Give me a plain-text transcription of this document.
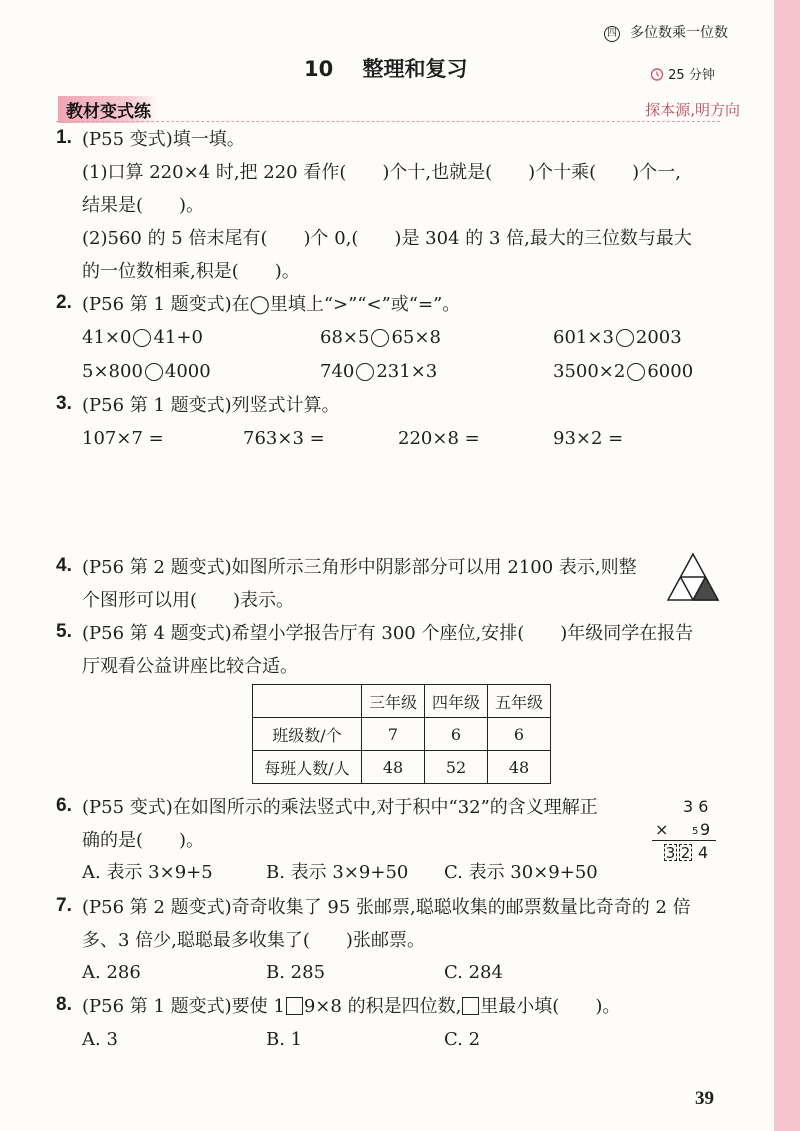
四 多位数乘一位数
10 整理和复习	25 分钟
教材变式练	探本源,明方向
1. (P55 变式)填一填。
(1)口算 220×4 时,把 220 看作(　　)个十,也就是(　　)个十乘(　　)个一,
结果是(　　)。
(2)560 的 5 倍末尾有(　　)个 0,(　　)是 304 的 3 倍,最大的三位数与最大
的一位数相乘,积是(　　)。
2. (P56 第 1 题变式)在◯里填上“>”“<”或“=”。
41×0 41+0	68×5 65×8	601×3 2003
5×800 4000	740 231×3	3500×2 6000
3. (P56 第 1 题变式)列竖式计算。
107×7 =	763×3 =	220×8 =	93×2 =
4. (P56 第 2 题变式)如图所示三角形中阴影部分可以用 2100 表示,则整
个图形可以用(　　)表示。
5. (P56 第 4 题变式)希望小学报告厅有 300 个座位,安排(　　)年级同学在报告
厅观看公益讲座比较合适。
	三年级	四年级	五年级
班级数/个	7	6	6
每班人数/人	48	52	48
6. (P55 变式)在如图所示的乘法竖式中,对于积中“32”的含义理解正
确的是(　　)。
A. 表示 3×9+5	B. 表示 3×9+50 C. 表示 30×9+50
3 6
× 5 9
3 2 4
7. (P56 第 2 题变式)奇奇收集了 95 张邮票,聪聪收集的邮票数量比奇奇的 2 倍
多、3 倍少,聪聪最多收集了(　　)张邮票。
A. 286	B. 285	C. 284
8. (P56 第 1 题变式)要使 1 9×8 的积是四位数, 里最小填(　　)。
A. 3	B. 1	C. 2
39
